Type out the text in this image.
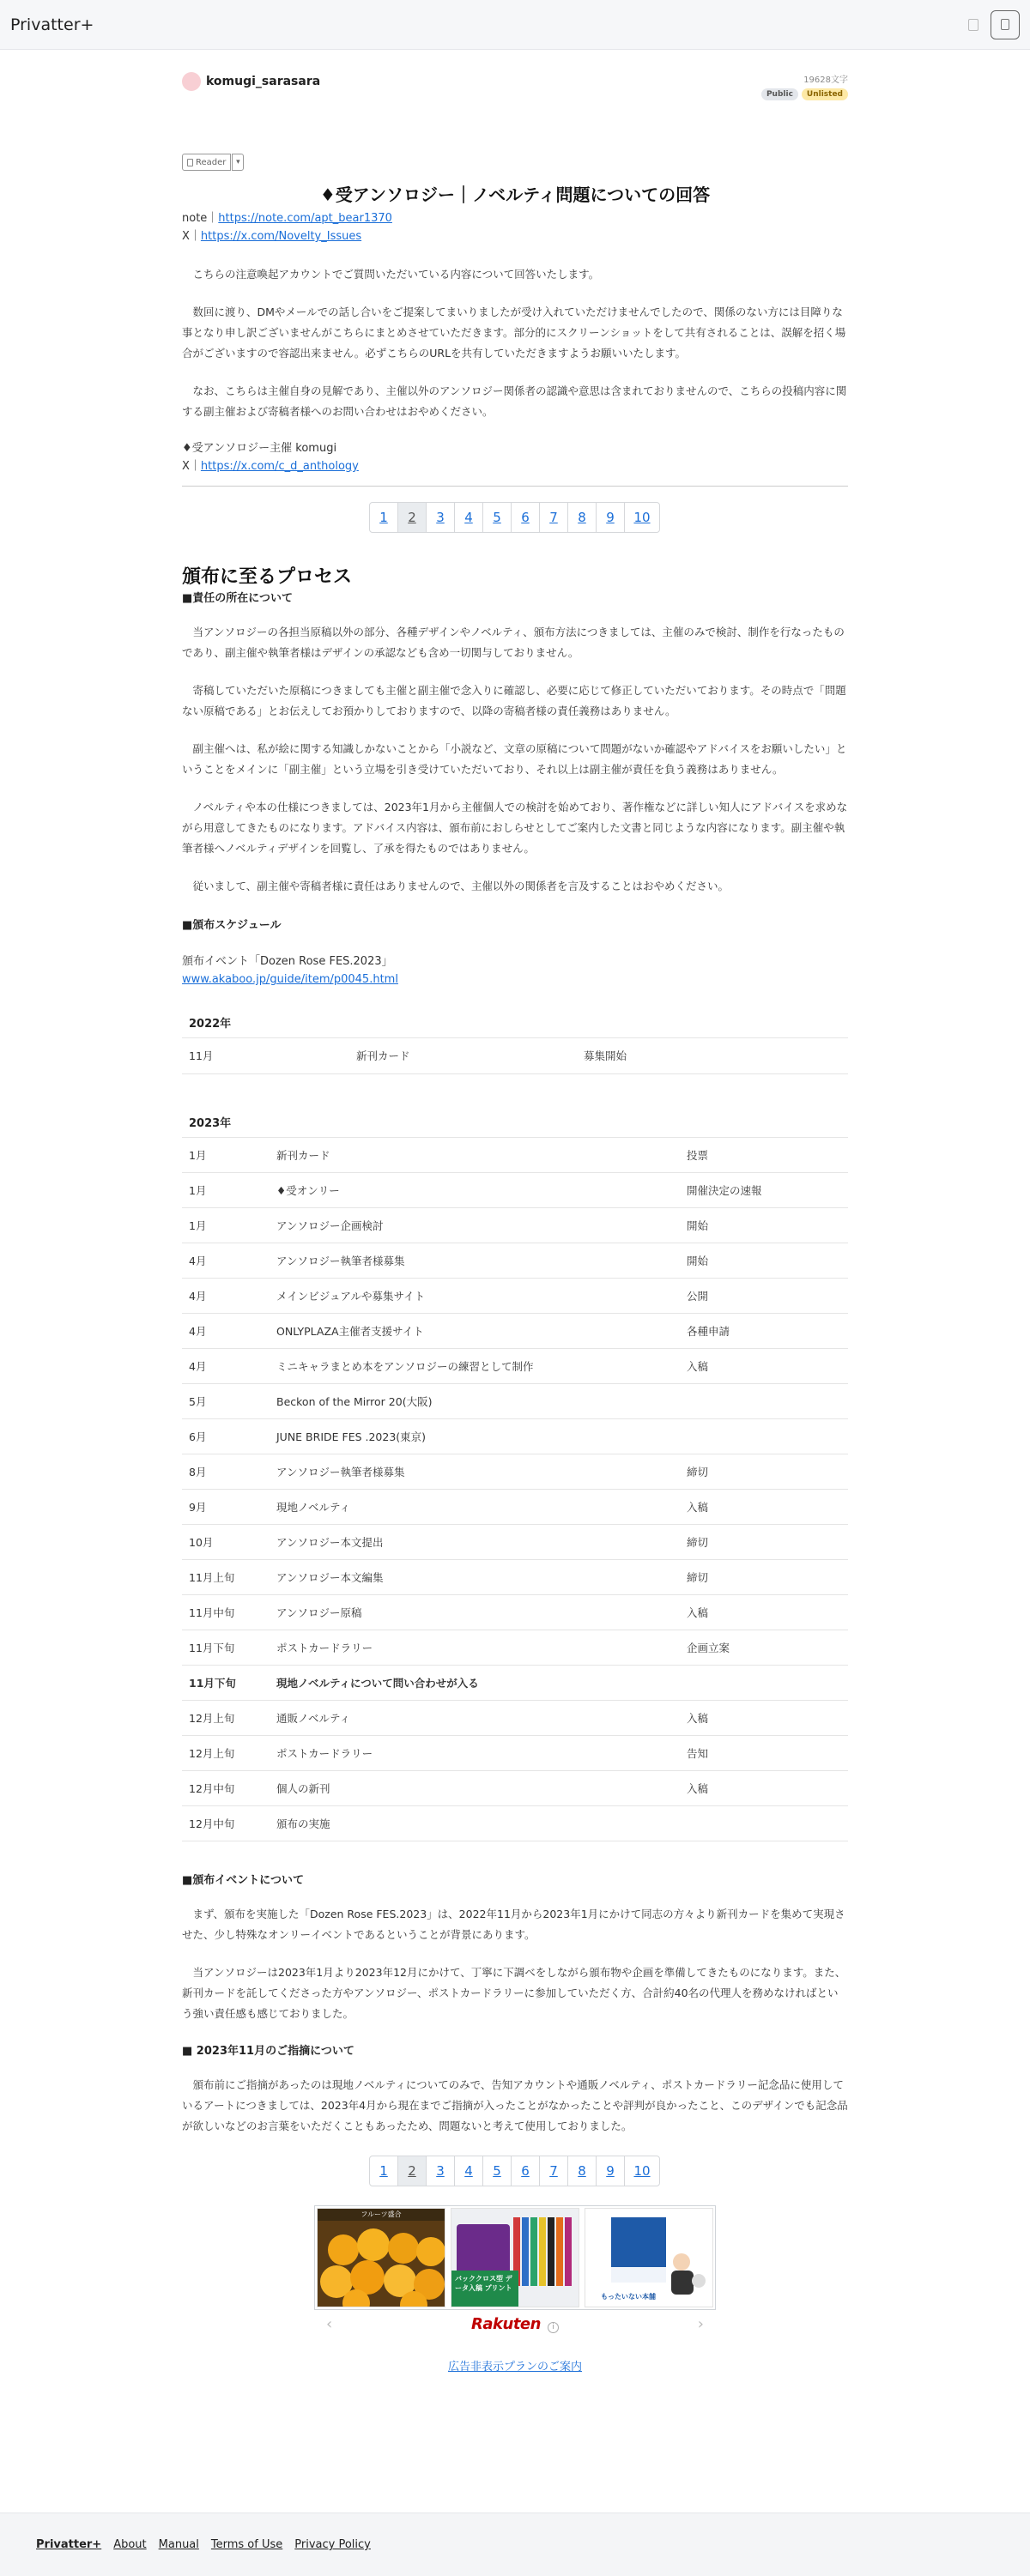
Privatter+
komugi_sarasara	19628文字
Public	Unlisted
Reader	▾
♦受アンソロジー｜ノベルティ問題についての回答
note｜https://note.com/apt_bear1370
X｜https://x.com/Novelty_Issues

　こちらの注意喚起アカウントでご質問いただいている内容について回答いたします。

　数回に渡り、DMやメールでの話し合いをご提案してまいりましたが受け入れていただけませんでしたので、関係のない方には目障りな事となり申し訳ございませんがこちらにまとめさせていただきます。部分的にスクリーンショットをして共有されることは、誤解を招く場合がございますので容認出来ません。必ずこちらのURLを共有していただきますようお願いいたします。

　なお、こちらは主催自身の見解であり、主催以外のアンソロジー関係者の認識や意思は含まれておりませんので、こちらの投稿内容に関する副主催および寄稿者様へのお問い合わせはおやめください。

♦受アンソロジー主催 komugi
X｜https://x.com/c_d_anthology
1	2	3	4	5	6	7	8	9	10
頒布に至るプロセス
■責任の所在について

　当アンソロジーの各担当原稿以外の部分、各種デザインやノベルティ、頒布方法につきましては、主催のみで検討、制作を行なったものであり、副主催や執筆者様はデザインの承認なども含め一切関与しておりません。

　寄稿していただいた原稿につきましても主催と副主催で念入りに確認し、必要に応じて修正していただいております。その時点で「問題ない原稿である」とお伝えしてお預かりしておりますので、以降の寄稿者様の責任義務はありません。

　副主催へは、私が絵に関する知識しかないことから「小説など、文章の原稿について問題がないか確認やアドバイスをお願いしたい」ということをメインに「副主催」という立場を引き受けていただいており、それ以上は副主催が責任を負う義務はありません。

　ノベルティや本の仕様につきましては、2023年1月から主催個人での検討を始めており、著作権などに詳しい知人にアドバイスを求めながら用意してきたものになります。アドバイス内容は、頒布前におしらせとしてご案内した文書と同じような内容になります。副主催や執筆者様へノベルティデザインを回覧し、了承を得たものではありません。

　従いまして、副主催や寄稿者様に責任はありませんので、主催以外の関係者を言及することはおやめください。

■頒布スケジュール
頒布イベント「Dozen Rose FES.2023」
www.akaboo.jp/guide/item/p0045.html
2022年
11月	新刊カード	募集開始
2023年
1月	新刊カード	投票
1月	♦受オンリー	開催決定の速報
1月	アンソロジー企画検討	開始
4月	アンソロジー執筆者様募集	開始
4月	メインビジュアルや募集サイト	公開
4月	ONLYPLAZA主催者支援サイト	各種申請
4月	ミニキャラまとめ本をアンソロジーの練習として制作	入稿
5月	Beckon of the Mirror 20(大阪)	
6月	JUNE BRIDE FES .2023(東京)	
8月	アンソロジー執筆者様募集	締切
9月	現地ノベルティ	入稿
10月	アンソロジー本文提出	締切
11月上旬	アンソロジー本文編集	締切
11月中旬	アンソロジー原稿	入稿
11月下旬	ポストカードラリー	企画立案
11月下旬	現地ノベルティについて問い合わせが入る	
12月上旬	通販ノベルティ	入稿
12月上旬	ポストカードラリー	告知
12月中旬	個人の新刊	入稿
12月中旬	頒布の実施	
■頒布イベントについて

　まず、頒布を実施した「Dozen Rose FES.2023」は、2022年11月から2023年1月にかけて同志の方々より新刊カードを集めて実現させた、少し特殊なオンリーイベントであるということが背景にあります。

　当アンソロジーは2023年1月より2023年12月にかけて、丁寧に下調べをしながら頒布物や企画を準備してきたものになります。また、新刊カードを託してくださった方やアンソロジー、ポストカードラリーに参加していただく方、合計約40名の代理人を務めなければという強い責任感も感じておりました。

■ 2023年11月のご指摘について

　頒布前にご指摘があったのは現地ノベルティについてのみで、告知アカウントや通販ノベルティ、ポストカードラリー記念品に使用しているアートにつきましては、2023年4月から現在までご指摘が入ったことがなかったことや評判が良かったこと、このデザインでも記念品が欲しいなどのお言葉をいただくこともあったため、問題ないと考えて使用しておりました。

1	2	3	4	5	6	7	8	9	10
フルーツ盛合
バッククロス型 データ入稿 プリント
もったいない本舗
‹	Rakuten i	›
広告非表示プランのご案内
Privatter+ About Manual Terms of Use Privacy Policy
